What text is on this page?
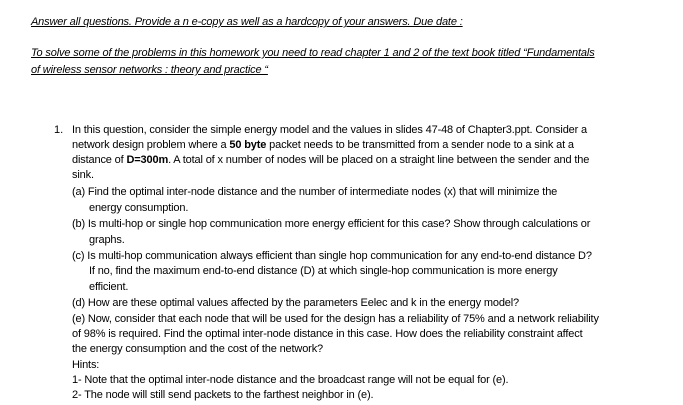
Answer all questions. Provide a n e-copy as well as a hardcopy of your answers. Due date :
To solve some of the problems in this homework you need to read chapter 1 and 2 of the text book titled “Fundamentals
of wireless sensor networks : theory and practice “
1. In this question, consider the simple energy model and the values in slides 47-48 of Chapter3.ppt. Consider a
network design problem where a 50 byte packet needs to be transmitted from a sender node to a sink at a
distance of D=300m. A total of x number of nodes will be placed on a straight line between the sender and the
sink.
(a) Find the optimal inter-node distance and the number of intermediate nodes (x) that will minimize the
energy consumption.
(b) Is multi-hop or single hop communication more energy efficient for this case? Show through calculations or
graphs.
(c) Is multi-hop communication always efficient than single hop communication for any end-to-end distance D?
If no, find the maximum end-to-end distance (D) at which single-hop communication is more energy
efficient.
(d) How are these optimal values affected by the parameters Eelec and k in the energy model?
(e) Now, consider that each node that will be used for the design has a reliability of 75% and a network reliability
of 98% is required. Find the optimal inter-node distance in this case. How does the reliability constraint affect
the energy consumption and the cost of the network?
Hints:
1- Note that the optimal inter-node distance and the broadcast range will not be equal for (e).
2- The node will still send packets to the farthest neighbor in (e).
